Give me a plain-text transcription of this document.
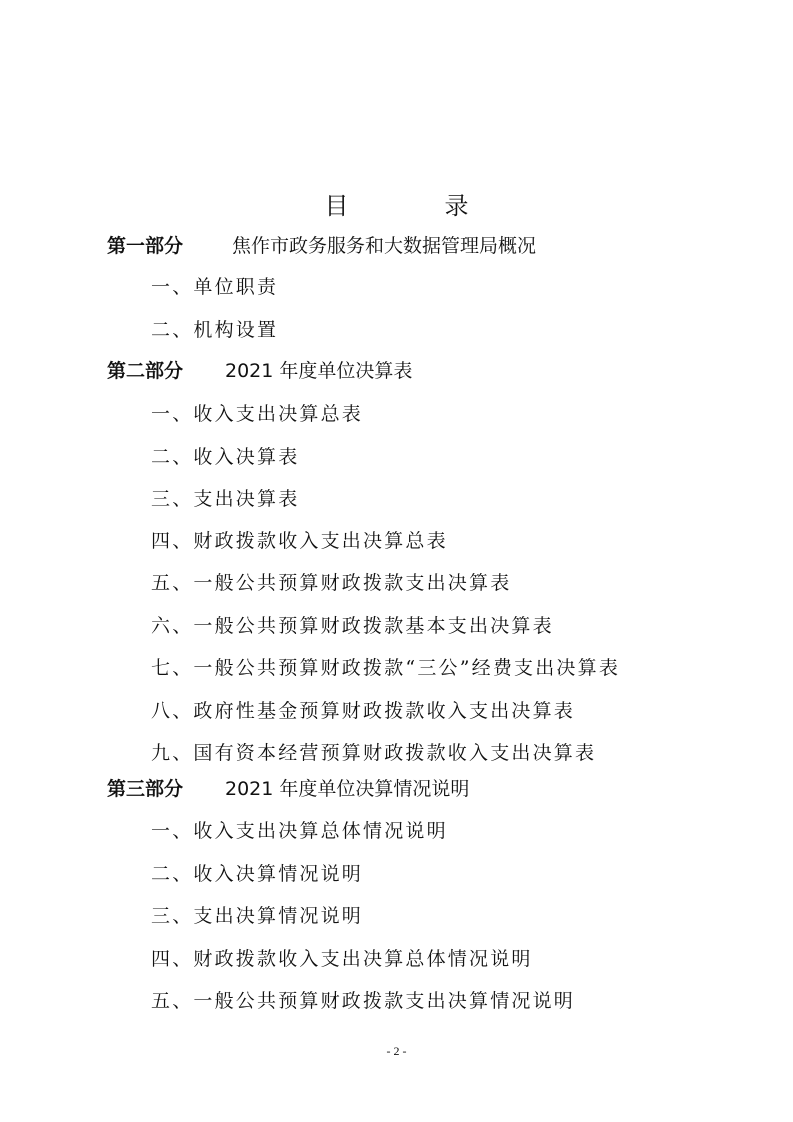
目　录
第一部分	焦作市政务服务和大数据管理局概况
一、单位职责
二、机构设置
第二部分 2021 年度单位决算表
一、收入支出决算总表
二、收入决算表
三、支出决算表
四、财政拨款收入支出决算总表
五、一般公共预算财政拨款支出决算表
六、一般公共预算财政拨款基本支出决算表
七、一般公共预算财政拨款“三公”经费支出决算表
八、政府性基金预算财政拨款收入支出决算表
九、国有资本经营预算财政拨款收入支出决算表
第三部分 2021 年度单位决算情况说明
一、收入支出决算总体情况说明
二、收入决算情况说明
三、支出决算情况说明
四、财政拨款收入支出决算总体情况说明
五、一般公共预算财政拨款支出决算情况说明
- 2 -
